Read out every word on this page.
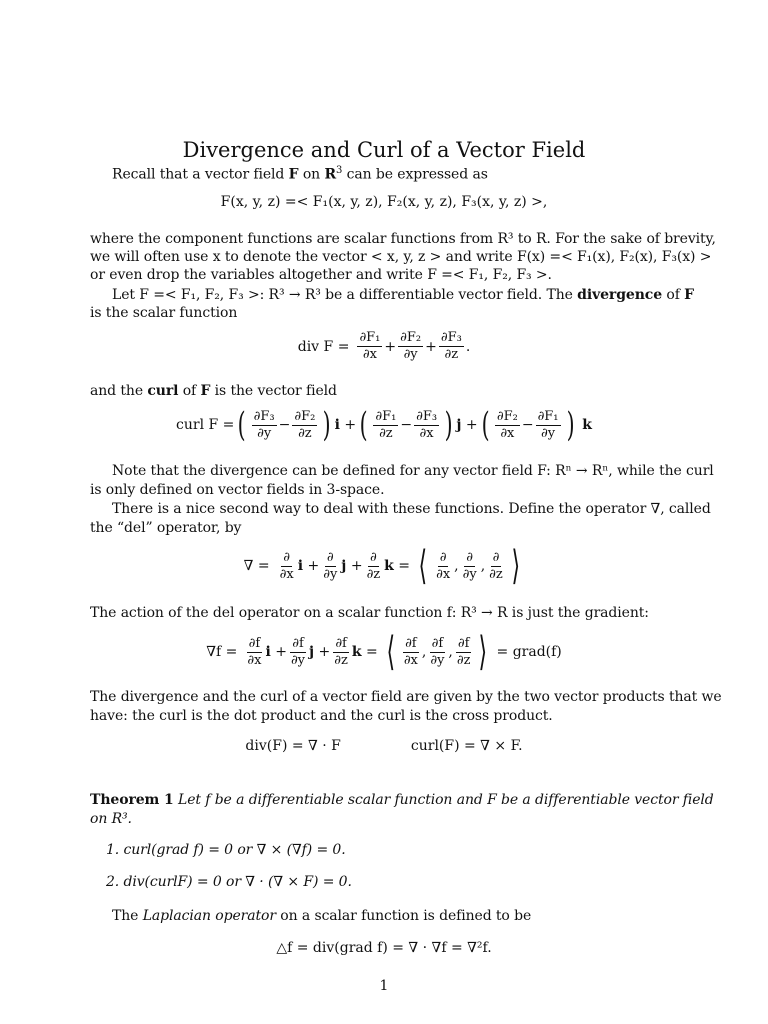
Divergence and Curl of a Vector Field
Recall that a vector field F on $R^3$ can be expressed as
F(x, y, z) =< F₁(x, y, z), F₂(x, y, z), F₃(x, y, z) >,
where the component functions are scalar functions from R³ to R. For the sake of brevity,
we will often use x to denote the vector < x, y, z > and write F(x) =< F₁(x), F₂(x), F₃(x) >
or even drop the variables altogether and write F =< F₁, F₂, F₃ >.
Let F =< F₁, F₂, F₃ >: R³ → R³ be a differentiable vector field. The divergence of F
is the scalar function
div $F = \frac{\text{∂F₁}}{\partial x} + \frac{\text{∂F₂}}{\partial y} + \frac{\text{∂F₃}}{\partial z}$ .
and the curl of F is the vector field
curl F = ( $\frac{\text{∂F₃}}{\partial y} - \frac{\text{∂F₂}}{\partial z}$ ) i + ( $\frac{\text{∂F₁}}{\partial z} - \frac{\text{∂F₃}}{\partial x}$ ) j + ( $\frac{\text{∂F₂}}{\partial x} - \frac{\text{∂F₁}}{\partial y}$ )
k
Note that the divergence can be defined for any vector field F: Rⁿ → Rⁿ, while the curl
is only defined on vector fields in 3-space.
There is a nice second way to deal with these functions. Define the operator ∇, called
the “del” operator, by
∇ = $\frac{\partial}{\partial x}$ $i + \frac{\partial}{\partial y}$ $j + \frac{\partial}{\partial z}$ k = ⟨ $\frac{\partial}{\partial x}$ , $\frac{\partial}{\partial y}$ , $\frac{\partial}{\partial z}$ ⟩
The action of the del operator on a scalar function f: R³ → R is just the gradient:
$\nabla f = \frac{\partial f}{\partial x}$ $i + \frac{\partial f}{\partial y}$ $j + \frac{\partial f}{\partial z}$ k = ⟨ $\frac{\partial f}{\partial x}$ , $\frac{\partial f}{\partial y}$ , $\frac{\partial f}{\partial z}$ ⟩
= grad(f)
The divergence and the curl of a vector field are given by the two vector products that we
have: the curl is the dot product and the curl is the cross product.
div(F) = ∇ · F	curl(F) = ∇ × F.
Theorem 1 Let f be a differentiable scalar function and F be a differentiable vector field
on R³.
1. curl(grad f) = 0 or ∇ × (∇f) = 0.
2. div(curlF) = 0 or ∇ · (∇ × F) = 0.
The Laplacian operator on a scalar function is defined to be
△f = div(grad f) = ∇ · ∇f = ∇²f.
1
